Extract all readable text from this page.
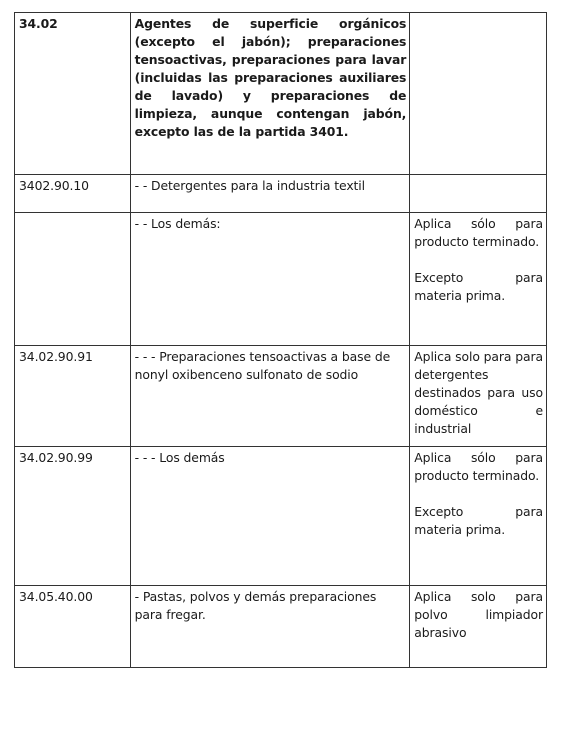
34.02	Agentes de superficie orgánicos (excepto el jabón); preparaciones tensoactivas, preparaciones para lavar (incluidas las preparaciones auxiliares de lavado) y preparaciones de limpieza, aunque contengan jabón, excepto las de la partida 3401.	
3402.90.10	- - Detergentes para la industria textil	

	- - Los demás:	Aplica sólo para producto terminado.
Excepto para materia prima.

34.02.90.91	- - - Preparaciones tensoactivas a base de nonyl oxibenceno sulfonato de sodio	Aplica solo para para detergentes destinados para uso doméstico e industrial

34.02.90.99	- - - Los demás	Aplica sólo para producto terminado.
Excepto para materia prima.

34.05.40.00	- Pastas, polvos y demás preparaciones para fregar.	Aplica solo para polvo limpiador abrasivo
